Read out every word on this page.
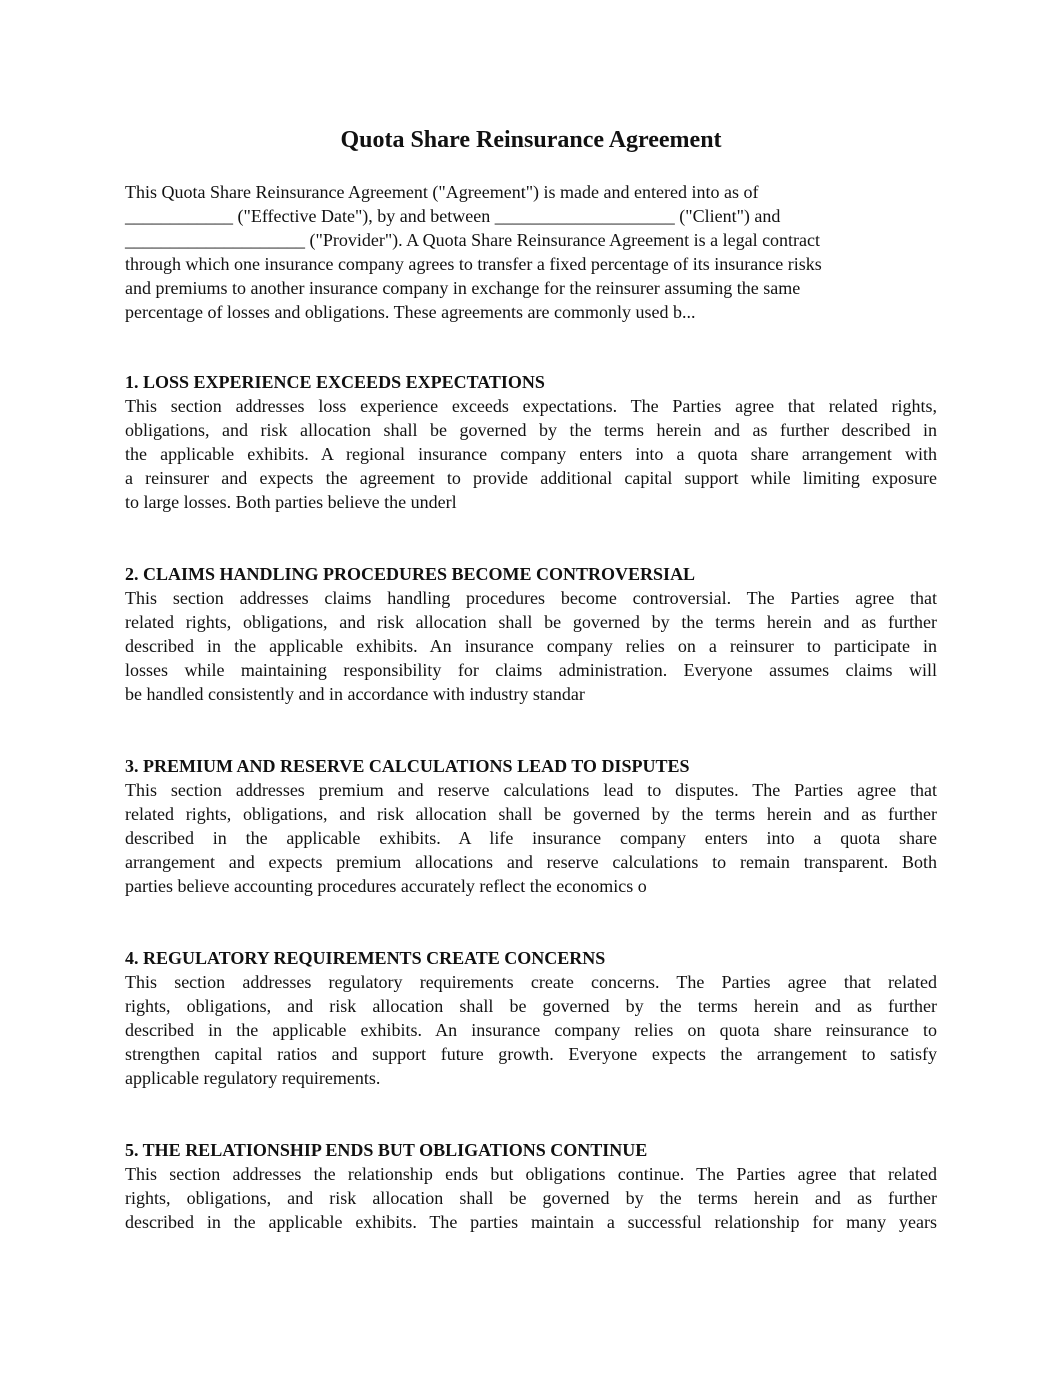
Quota Share Reinsurance Agreement
This Quota Share Reinsurance Agreement ("Agreement") is made and entered into as of
____________ ("Effective Date"), by and between ____________________ ("Client") and
____________________ ("Provider"). A Quota Share Reinsurance Agreement is a legal contract
through which one insurance company agrees to transfer a fixed percentage of its insurance risks
and premiums to another insurance company in exchange for the reinsurer assuming the same
percentage of losses and obligations. These agreements are commonly used b...
1. LOSS EXPERIENCE EXCEEDS EXPECTATIONS
This section addresses loss experience exceeds expectations. The Parties agree that related rights,
obligations, and risk allocation shall be governed by the terms herein and as further described in
the applicable exhibits. A regional insurance company enters into a quota share arrangement with
a reinsurer and expects the agreement to provide additional capital support while limiting exposure
to large losses. Both parties believe the underl
2. CLAIMS HANDLING PROCEDURES BECOME CONTROVERSIAL
This section addresses claims handling procedures become controversial. The Parties agree that
related rights, obligations, and risk allocation shall be governed by the terms herein and as further
described in the applicable exhibits. An insurance company relies on a reinsurer to participate in
losses while maintaining responsibility for claims administration. Everyone assumes claims will
be handled consistently and in accordance with industry standar
3. PREMIUM AND RESERVE CALCULATIONS LEAD TO DISPUTES
This section addresses premium and reserve calculations lead to disputes. The Parties agree that
related rights, obligations, and risk allocation shall be governed by the terms herein and as further
described in the applicable exhibits. A life insurance company enters into a quota share
arrangement and expects premium allocations and reserve calculations to remain transparent. Both
parties believe accounting procedures accurately reflect the economics o
4. REGULATORY REQUIREMENTS CREATE CONCERNS
This section addresses regulatory requirements create concerns. The Parties agree that related
rights, obligations, and risk allocation shall be governed by the terms herein and as further
described in the applicable exhibits. An insurance company relies on quota share reinsurance to
strengthen capital ratios and support future growth. Everyone expects the arrangement to satisfy
applicable regulatory requirements.
5. THE RELATIONSHIP ENDS BUT OBLIGATIONS CONTINUE
This section addresses the relationship ends but obligations continue. The Parties agree that related
rights, obligations, and risk allocation shall be governed by the terms herein and as further
described in the applicable exhibits. The parties maintain a successful relationship for many years
